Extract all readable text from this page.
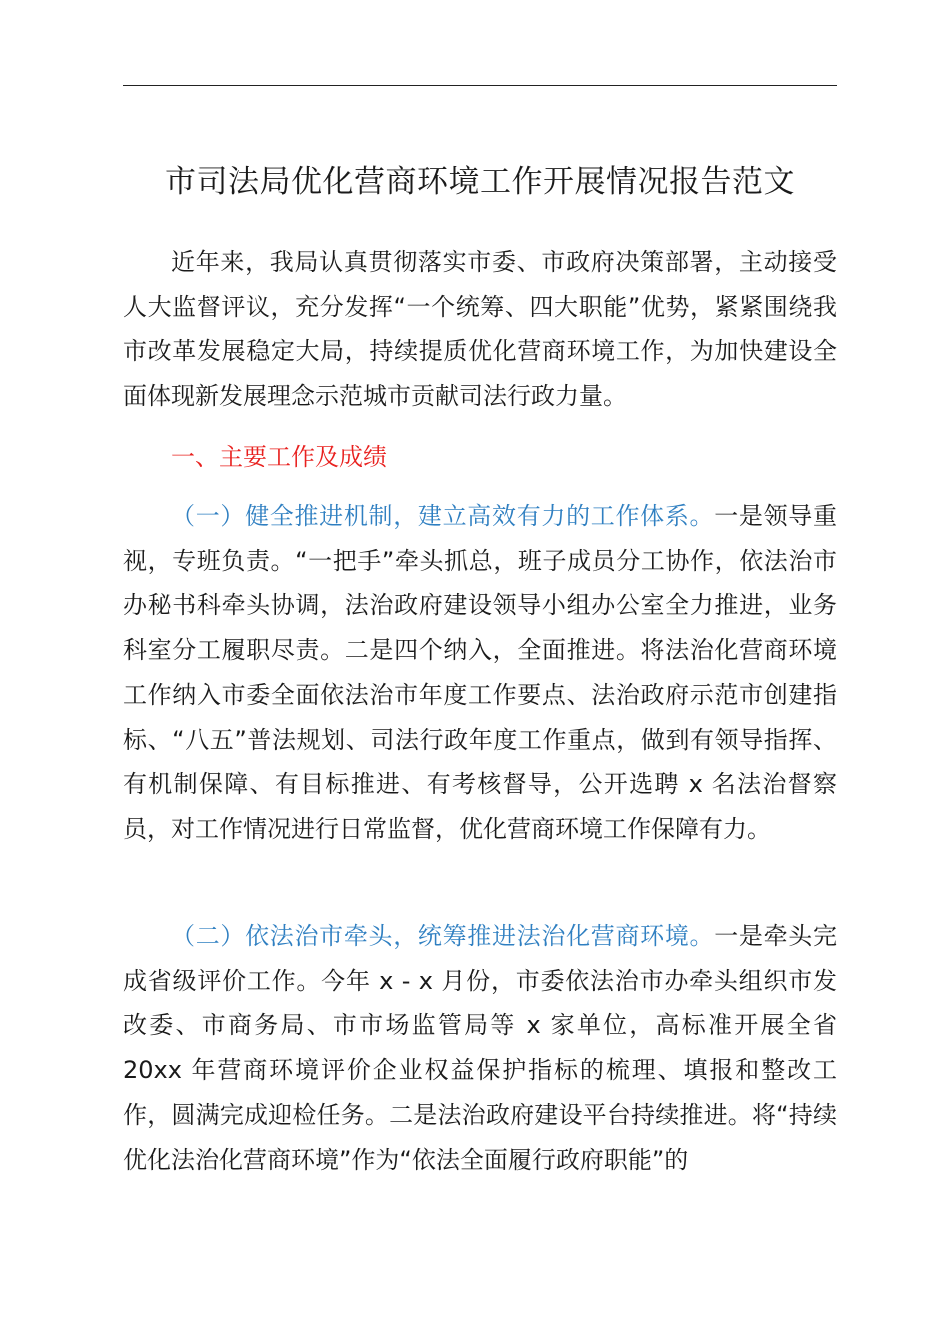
市司法局优化营商环境工作开展情况报告范文

近年来，我局认真贯彻落实市委、市政府决策部署，主动接受人大监督评议，充分发挥“一个统筹、四大职能”优势，紧紧围绕我市改革发展稳定大局，持续提质优化营商环境工作，为加快建设全面体现新发展理念示范城市贡献司法行政力量。

一、主要工作及成绩

（一）健全推进机制，建立高效有力的工作体系。一是领导重视，专班负责。“一把手”牵头抓总，班子成员分工协作，依法治市办秘书科牵头协调，法治政府建设领导小组办公室全力推进，业务科室分工履职尽责。二是四个纳入，全面推进。将法治化营商环境工作纳入市委全面依法治市年度工作要点、法治政府示范市创建指标、“八五”普法规划、司法行政年度工作重点，做到有领导指挥、有机制保障、有目标推进、有考核督导，公开选聘 x 名法治督察员，对工作情况进行日常监督，优化营商环境工作保障有力。

（二）依法治市牵头，统筹推进法治化营商环境。一是牵头完成省级评价工作。今年 x - x 月份，市委依法治市办牵头组织市发改委、市商务局、市市场监管局等 x 家单位，高标准开展全省 20xx 年营商环境评价企业权益保护指标的梳理、填报和整改工作，圆满完成迎检任务。二是法治政府建设平台持续推进。将“持续优化法治化营商环境”作为“依法全面履行政府职能”的
